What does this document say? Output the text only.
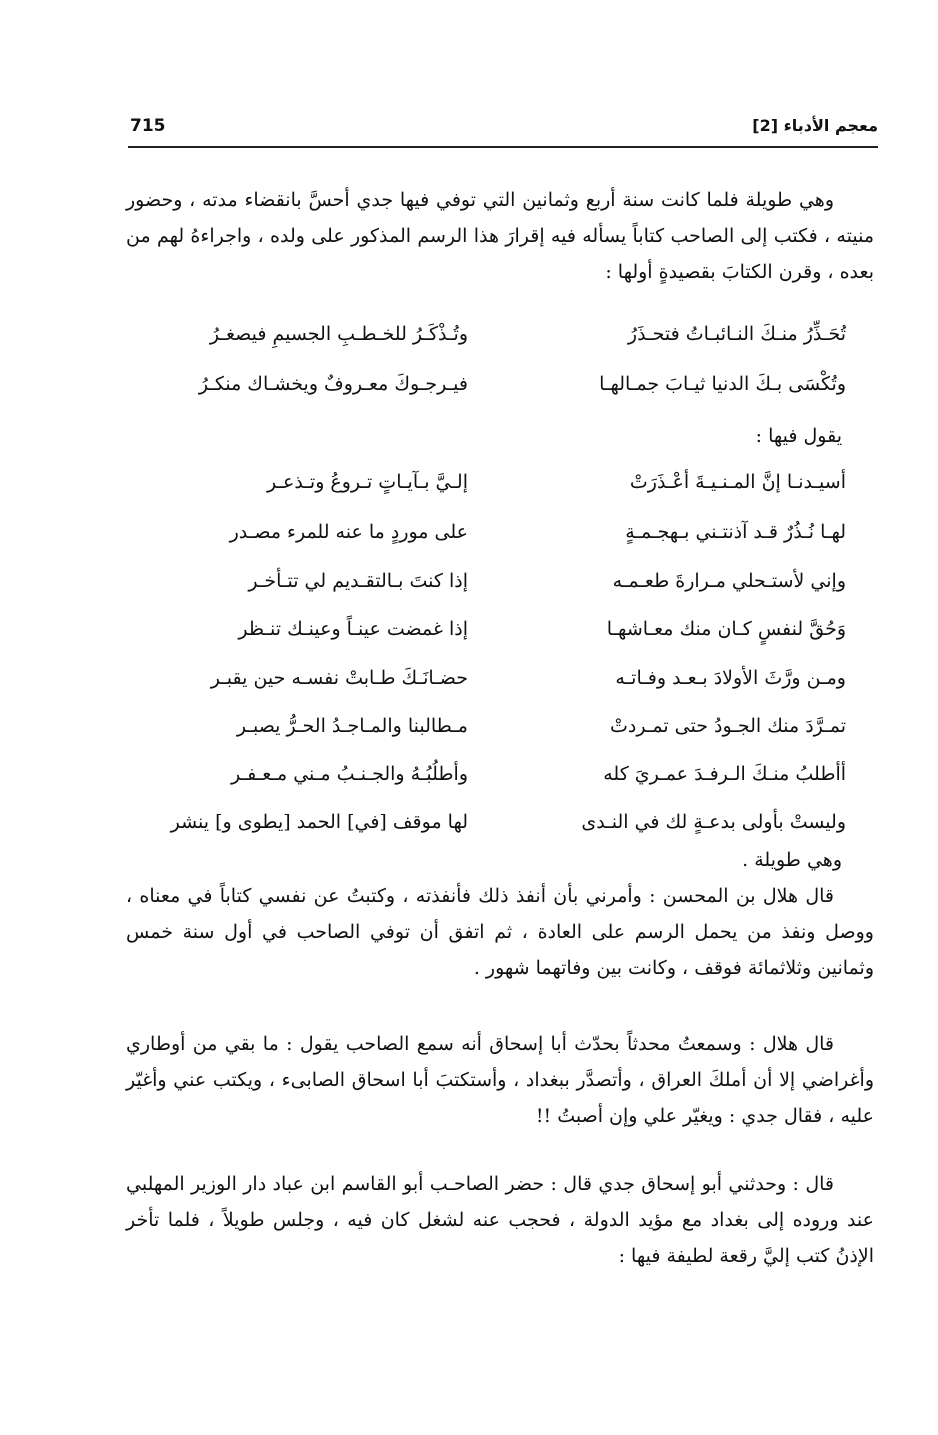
معجم الأدباء [2]
715

وهي طويلة فلما كانت سنة أربع وثمانين التي توفي فيها جدي أحسَّ بانقضاء مدته ، وحضور منيته ، فكتب إلى الصاحب كتاباً يسأله فيه إقرارَ هذا الرسم المذكور على ولده ، واجراءهُ لهم من بعده ، وقرن الكتابَ بقصيدةٍ أولها :

تُحَـذِّرُ منـكَ النـائبـاتُ فتحـذَرُ
وتُـذْكَـرُ للخـطـبِ الجسيمِ فيصغـرُ
وتُكْسَى بـكَ الدنيا ثيـابَ جمـالهـا
فيـرجـوكَ معـروفٌ ويخشـاك منكـرُ
يقول فيها :
أسيـدنـا إنَّ المـنـيـةَ أعْـذَرَتْ
إلـيَّ بـآيـاتٍ تـروعُ وتـذعـر
لهـا نُـذُرٌ قـد آذنتـني بـهجـمـةٍ
على موردٍ ما عنه للمرء مصـدر
وإني لأستـحلي مـرارةَ طعـمـه
إذا كنتَ بـالتقـديم لي تتـأخـر
وَحُقَّ لنفسٍ كـان منك معـاشهـا
إذا غمضت عينـاً وعينـك تنـظر
ومـن ورَّثَ الأولادَ بـعـد وفـاتـه
حضـانَـكَ طـابتْ نفسـه حين يقبـر
تمـرَّدَ منك الجـودُ حتى تمـردتْ
مـطالبنا والمـاجـدُ الحـرُّ يصبـر
أأطلبُ منـكَ الـرفـدَ عمـريَ كله
وأطلُبُـهُ والجـنـبُ مـني مـعـفـر
وليستْ بأولى بدعـةٍ لك في النـدى
لها موقف [في] الحمد [يطوى و] ينشر
وهي طويلة .

قال هلال بن المحسن : وأمرني بأن أنفذ ذلك فأنفذته ، وكتبتُ عن نفسي كتاباً في معناه ، ووصل ونفذ من يحمل الرسم على العادة ، ثم اتفق أن توفي الصاحب في أول سنة خمس وثمانين وثلاثمائة فوقف ، وكانت بين وفاتهما شهور .

قال هلال : وسمعتُ محدثاً بحدّث أبا إسحاق أنه سمع الصاحب يقول : ما بقي من أوطاري وأغراضي إلا أن أملكَ العراق ، وأتصدَّر ببغداد ، وأستكتبَ أبا اسحاق الصابىء ، ويكتب عني وأغيّر عليه ، فقال جدي : ويغيّر علي وإن أصبتُ !!

قال : وحدثني أبو إسحاق جدي قال : حضر الصاحـب أبو القاسم ابن عباد دار الوزير المهلبي عند وروده إلى بغداد مع مؤيد الدولة ، فحجب عنه لشغل كان فيه ، وجلس طويلاً ، فلما تأخر الإذنُ كتب إليَّ رقعة لطيفة فيها :
